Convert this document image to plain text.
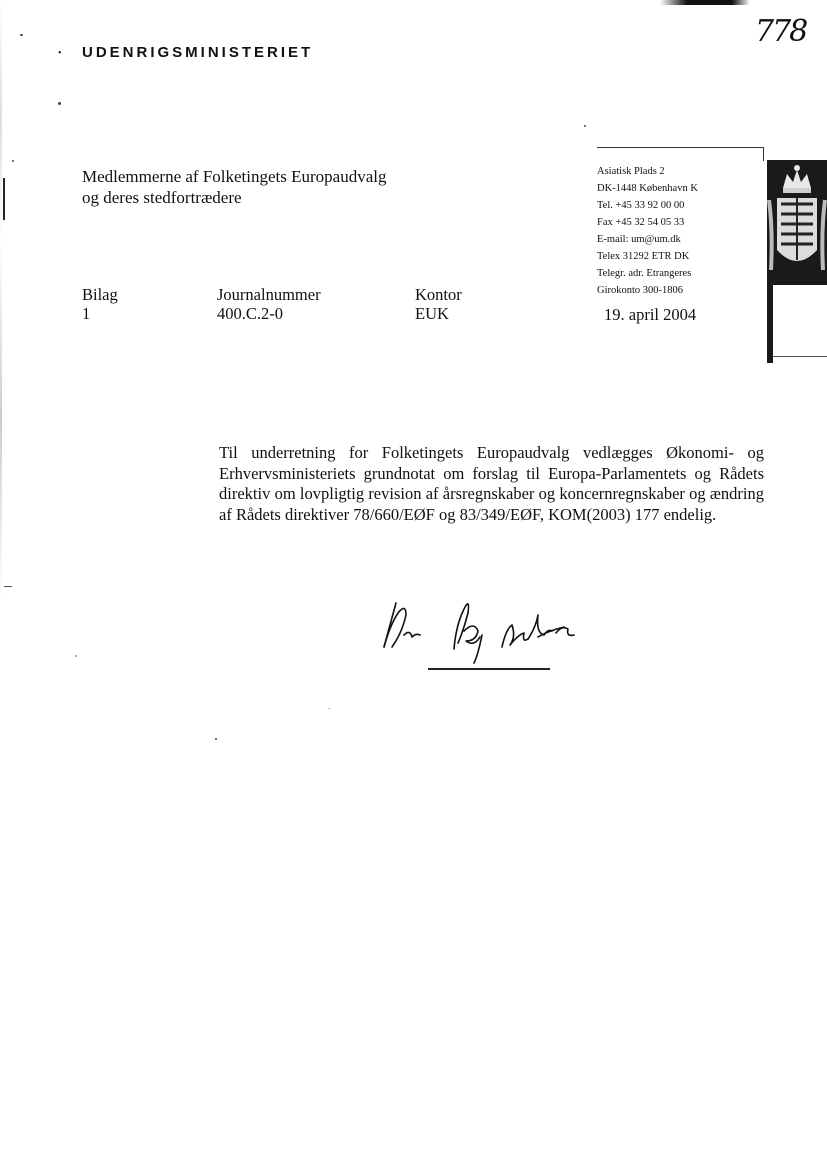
• UDENRIGSMINISTERIET
778
Asiatisk Plads 2
DK-1448 København K
Tel. +45 33 92 00 00
Fax +45 32 54 05 33
E-mail: um@um.dk
Telex 31292 ETR DK
Telegr. adr. Etrangeres
Girokonto 300-1806
Medlemmerne af Folketingets Europaudvalg
og deres stedfortrædere
Bilag
1
Journalnummer
400.C.2-0
Kontor
EUK	19. april 2004

Til underretning for Folketingets Europaudvalg vedlægges Økonomi- og Erhvervsministeriets grundnotat om forslag til Europa-Parlamentets og Rådets direktiv om lovpligtig revision af årsregnskaber og koncernregnskaber og ændring af Rådets direktiver 78/660/EØF og 83/349/EØF, KOM(2003) 177 endelig.
